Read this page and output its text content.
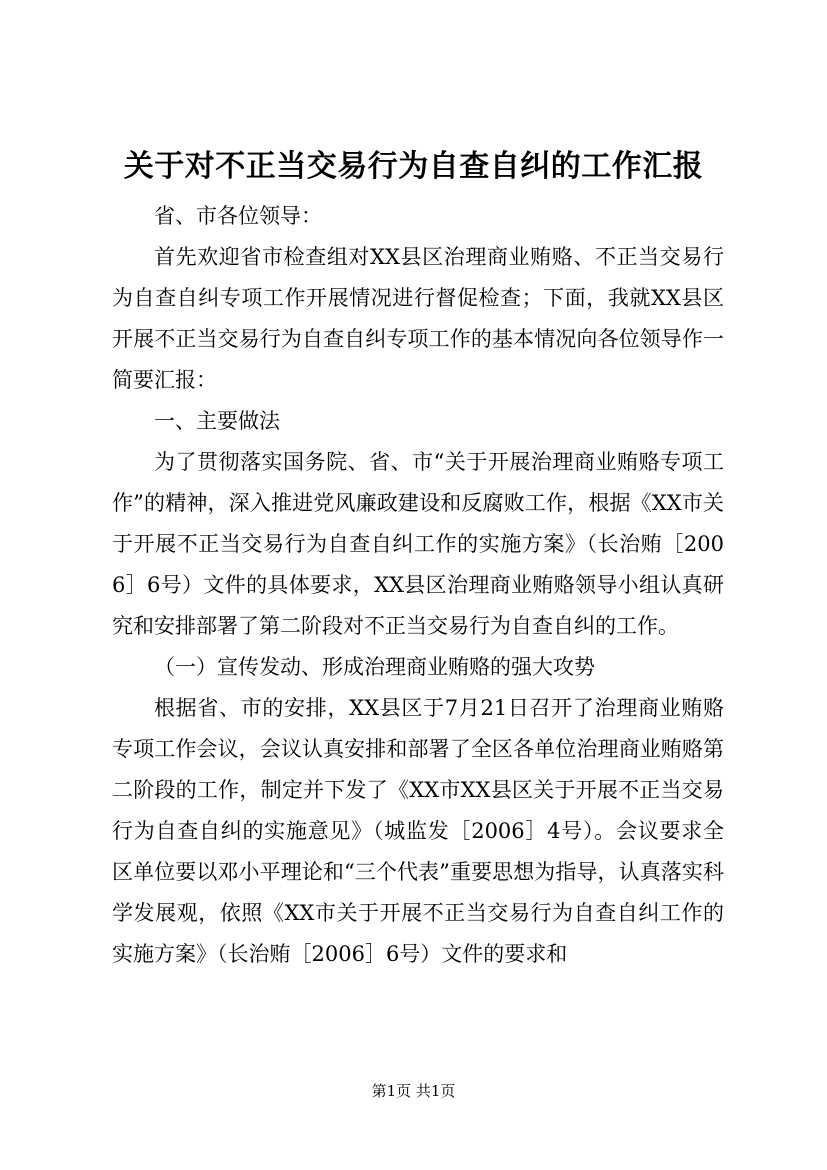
关于对不正当交易行为自查自纠的工作汇报

省、市各位领导：

首先欢迎省市检查组对XX县区治理商业贿赂、不正当交易行为自查自纠专项工作开展情况进行督促检查；下面，我就XX县区开展不正当交易行为自查自纠专项工作的基本情况向各位领导作一简要汇报：

一、主要做法

为了贯彻落实国务院、省、市“关于开展治理商业贿赂专项工作”的精神，深入推进党风廉政建设和反腐败工作，根据《XX市关于开展不正当交易行为自查自纠工作的实施方案》（长治贿［2006］6号）文件的具体要求，XX县区治理商业贿赂领导小组认真研究和安排部署了第二阶段对不正当交易行为自查自纠的工作。

（一）宣传发动、形成治理商业贿赂的强大攻势

根据省、市的安排，XX县区于7月21日召开了治理商业贿赂专项工作会议，会议认真安排和部署了全区各单位治理商业贿赂第二阶段的工作，制定并下发了《XX市XX县区关于开展不正当交易行为自查自纠的实施意见》（城监发［2006］4号）。会议要求全区单位要以邓小平理论和“三个代表”重要思想为指导，认真落实科学发展观，依照《XX市关于开展不正当交易行为自查自纠工作的实施方案》（长治贿［2006］6号）文件的要求和

第1页 共1页
